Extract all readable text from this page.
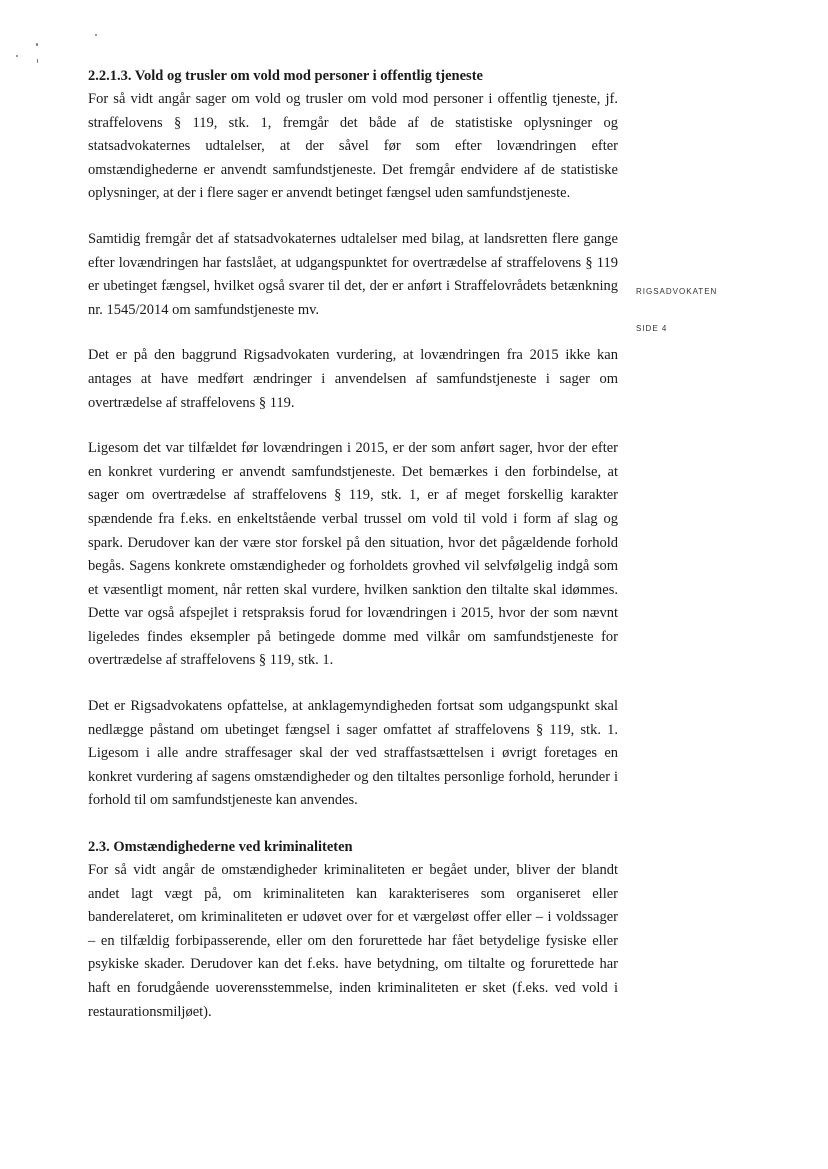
2.2.1.3. Vold og trusler om vold mod personer i offentlig tjeneste

For så vidt angår sager om vold og trusler om vold mod personer i offentlig tjeneste, jf. straffelovens § 119, stk. 1, fremgår det både af de statistiske oplysninger og statsadvokaternes udtalelser, at der såvel før som efter lovændringen efter omstændighederne er anvendt samfundstjeneste. Det fremgår endvidere af de statistiske oplysninger, at der i flere sager er anvendt betinget fængsel uden samfundstjeneste.

Samtidig fremgår det af statsadvokaternes udtalelser med bilag, at landsretten flere gange efter lovændringen har fastslået, at udgangspunktet for overtrædelse af straffelovens § 119 er ubetinget fængsel, hvilket også svarer til det, der er anført i Straffelovrådets betænkning nr. 1545/2014 om samfundstjeneste mv.

Det er på den baggrund Rigsadvokaten vurdering, at lovændringen fra 2015 ikke kan antages at have medført ændringer i anvendelsen af samfundstjeneste i sager om overtrædelse af straffelovens § 119.

Ligesom det var tilfældet før lovændringen i 2015, er der som anført sager, hvor der efter en konkret vurdering er anvendt samfundstjeneste. Det bemærkes i den forbindelse, at sager om overtrædelse af straffelovens § 119, stk. 1, er af meget forskellig karakter spændende fra f.eks. en enkeltstående verbal trussel om vold til vold i form af slag og spark. Derudover kan der være stor forskel på den situation, hvor det pågældende forhold begås. Sagens konkrete omstændigheder og forholdets grovhed vil selvfølgelig indgå som et væsentligt moment, når retten skal vurdere, hvilken sanktion den tiltalte skal idømmes. Dette var også afspejlet i retspraksis forud for lovændringen i 2015, hvor der som nævnt ligeledes findes eksempler på betingede domme med vilkår om samfundstjeneste for overtrædelse af straffelovens § 119, stk. 1.

Det er Rigsadvokatens opfattelse, at anklagemyndigheden fortsat som udgangspunkt skal nedlægge påstand om ubetinget fængsel i sager omfattet af straffelovens § 119, stk. 1. Ligesom i alle andre straffesager skal der ved straffastsættelsen i øvrigt foretages en konkret vurdering af sagens omstændigheder og den tiltaltes personlige forhold, herunder i forhold til om samfundstjeneste kan anvendes.

2.3. Omstændighederne ved kriminaliteten

For så vidt angår de omstændigheder kriminaliteten er begået under, bliver der blandt andet lagt vægt på, om kriminaliteten kan karakteriseres som organiseret eller banderelateret, om kriminaliteten er udøvet over for et værgeløst offer eller – i voldssager – en tilfældig forbipasserende, eller om den forurettede har fået betydelige fysiske eller psykiske skader. Derudover kan det f.eks. have betydning, om tiltalte og forurettede har haft en forudgående uoverensstemmelse, inden kriminaliteten er sket (f.eks. ved vold i restaurationsmiljøet).

RIGSADVOKATEN
SIDE 4
